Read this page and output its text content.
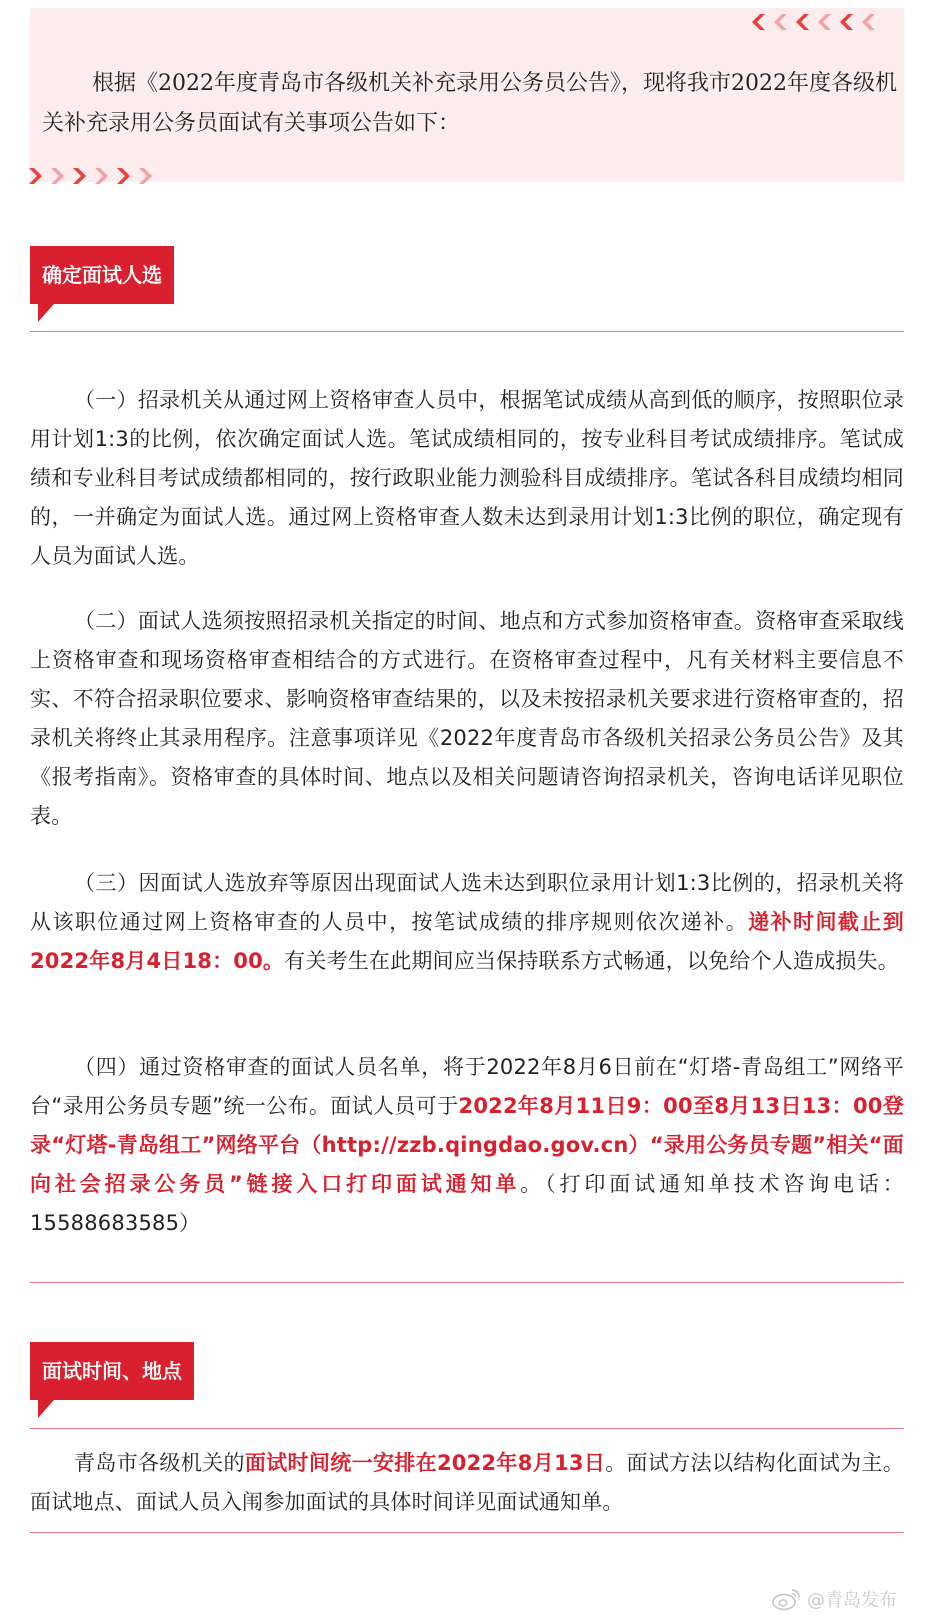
根据《2022年度青岛市各级机关补充录用公务员公告》，现将我市2022年度各级机关补充录用公务员面试有关事项公告如下：

确定面试人选

（一）招录机关从通过网上资格审查人员中，根据笔试成绩从高到低的顺序，按照职位录用计划1:3的比例，依次确定面试人选。笔试成绩相同的，按专业科目考试成绩排序。笔试成绩和专业科目考试成绩都相同的，按行政职业能力测验科目成绩排序。笔试各科目成绩均相同的，一并确定为面试人选。通过网上资格审查人数未达到录用计划1:3比例的职位，确定现有人员为面试人选。

（二）面试人选须按照招录机关指定的时间、地点和方式参加资格审查。资格审查采取线上资格审查和现场资格审查相结合的方式进行。在资格审查过程中，凡有关材料主要信息不实、不符合招录职位要求、影响资格审查结果的，以及未按招录机关要求进行资格审查的，招录机关将终止其录用程序。注意事项详见《2022年度青岛市各级机关招录公务员公告》及其《报考指南》。资格审查的具体时间、地点以及相关问题请咨询招录机关，咨询电话详见职位表。

（三）因面试人选放弃等原因出现面试人选未达到职位录用计划1:3比例的，招录机关将从该职位通过网上资格审查的人员中，按笔试成绩的排序规则依次递补。递补时间截止到2022年8月4日18：00。有关考生在此期间应当保持联系方式畅通，以免给个人造成损失。

（四）通过资格审查的面试人员名单，将于2022年8月6日前在“灯塔-青岛组工”网络平台“录用公务员专题”统一公布。面试人员可于2022年8月11日9：00至8月13日13：00登录“灯塔-青岛组工”网络平台（http://zzb.qingdao.gov.cn）“录用公务员专题”相关“面向社会招录公务员”链接入口打印面试通知单。（打印面试通知单技术咨询电话：15588683585）

面试时间、地点

青岛市各级机关的面试时间统一安排在2022年8月13日。面试方法以结构化面试为主。面试地点、面试人员入闱参加面试的具体时间详见面试通知单。

@青岛发布
